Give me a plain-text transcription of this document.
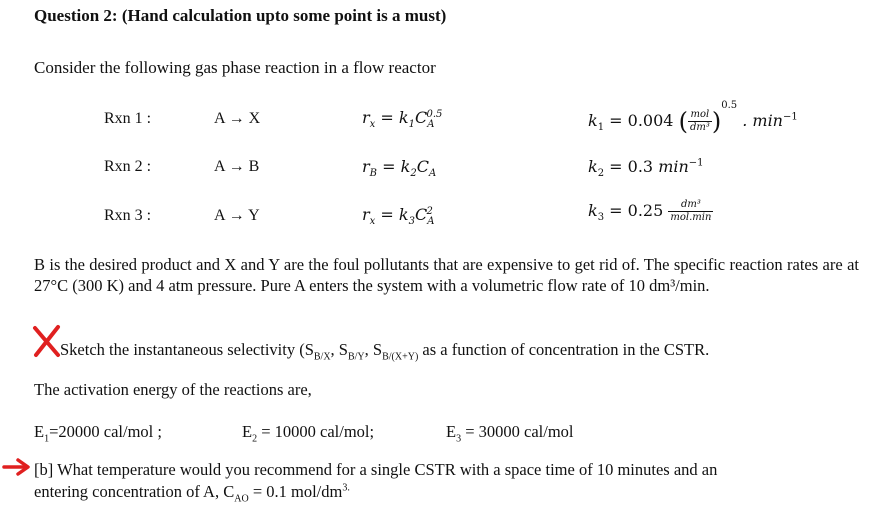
Question 2: (Hand calculation upto some point is a must)
Consider the following gas phase reaction in a flow reactor
Rxn 1 :	A → X	$r_x = k_1C_A^{0.5}$	$k_1 = 0.004$ ( $\frac{\text{mol}}{\text{dm³}} )^{0.5}$ . $\min^{-1}$
Rxn 2 :	A → B	$r_B = k_2C_A$	$k_2 = 0.3$ $\min^{-1}$
Rxn 3 :	A → Y	$r_x = k_3C_A^2$	$k_3 = 0.25 \frac{\text{dm³}}{\text{mol.min}}$
B is the desired product and X and Y are the foul pollutants that are expensive to get rid of. The specific reaction rates are at 27°C (300 K) and 4 atm pressure. Pure A enters the system with a volumetric flow rate of 10 dm³/min.
Sketch the instantaneous selectivity ($S_{B/X}$, $S_{B/Y}$, $S_{B/(X+Y)}$ as a function of concentration in the CSTR.
The activation energy of the reactions are,
$E_1=20000$ cal/mol ;	$E_2 = 10000$ cal/mol;	$E_3 = 30000$ cal/mol
[b] What temperature would you recommend for a single CSTR with a space time of 10 minutes and an
entering concentration of A, $C_{AO} = 0.1$ mol/$dm^{3.}$
